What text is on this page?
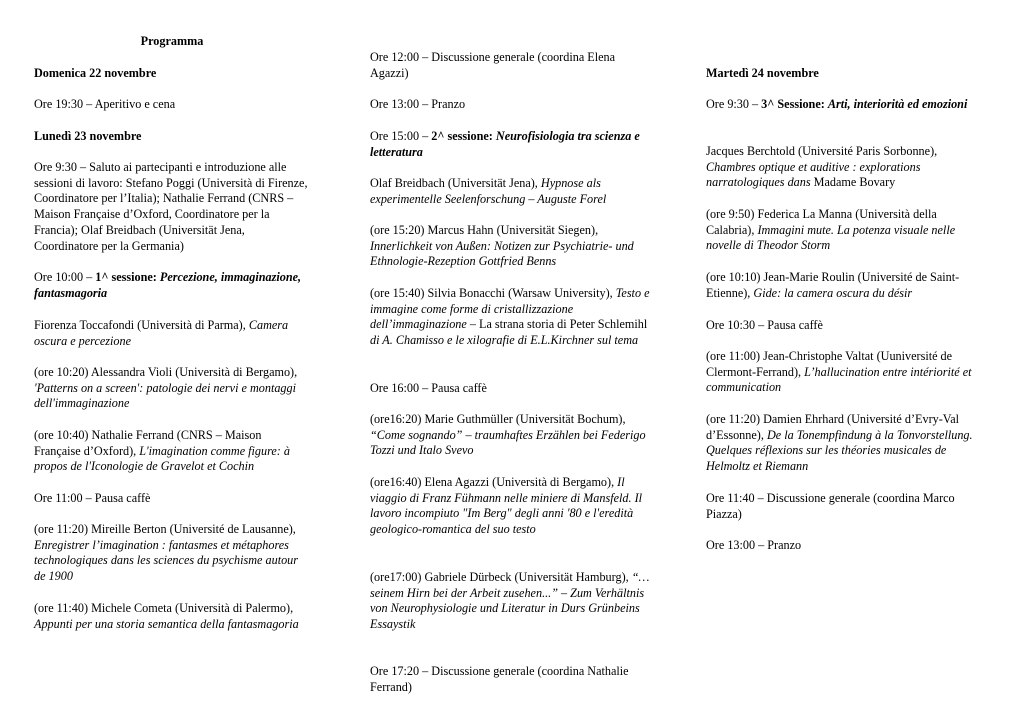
Programma
Domenica 22 novembre
Ore 19:30 – Aperitivo e cena
Lunedì 23 novembre
Ore 9:30 – Saluto ai partecipanti e introduzione alle sessioni di lavoro: Stefano Poggi (Università di Firenze, Coordinatore per l’Italia); Nathalie Ferrand (CNRS – Maison Française d’Oxford, Coordinatore per la Francia); Olaf Breidbach (Universität Jena, Coordinatore per la Germania)
Ore 10:00 – 1^ sessione: Percezione, immaginazione, fantasmagoria
Fiorenza Toccafondi (Università di Parma), Camera oscura e percezione
(ore 10:20) Alessandra Violi (Università di Bergamo), 'Patterns on a screen': patologie dei nervi e montaggi dell'immaginazione
(ore 10:40) Nathalie Ferrand (CNRS – Maison Française d’Oxford), L'imagination comme figure: à propos de l'Iconologie de Gravelot et Cochin
Ore 11:00 – Pausa caffè
(ore 11:20) Mireille Berton (Université de Lausanne), Enregistrer l’imagination : fantasmes et métaphores technologiques dans les sciences du psychisme autour de 1900
(ore 11:40) Michele Cometa (Università di Palermo), Appunti per una storia semantica della fantasmagoria
Ore 12:00 – Discussione generale (coordina Elena Agazzi)
Ore 13:00 – Pranzo
Ore 15:00 – 2^ sessione: Neurofisiologia tra scienza e letteratura
Olaf Breidbach (Universität Jena), Hypnose als experimentelle Seelenforschung – Auguste Forel
(ore 15:20) Marcus Hahn (Universität Siegen), Innerlichkeit von Außen: Notizen zur Psychiatrie- und Ethnologie-Rezeption Gottfried Benns
(ore 15:40) Silvia Bonacchi (Warsaw University), Testo e immagine come forme di cristallizzazione dell’immaginazione – La strana storia di Peter Schlemihl di A. Chamisso e le xilografie di E.L.Kirchner sul tema
Ore 16:00 – Pausa caffè
(ore16:20) Marie Guthmüller (Universität Bochum), “Come sognando” – traumhaftes Erzählen bei Federigo Tozzi und Italo Svevo
(ore16:40) Elena Agazzi (Università di Bergamo), Il viaggio di Franz Fühmann nelle miniere di Mansfeld. Il lavoro incompiuto "Im Berg" degli anni '80 e l'eredità geologico-romantica del suo testo
(ore17:00) Gabriele Dürbeck (Universität Hamburg), “…seinem Hirn bei der Arbeit zusehen...” – Zum Verhältnis von Neurophysiologie und Literatur in Durs Grünbeins Essaystik
Ore 17:20 – Discussione generale (coordina Nathalie Ferrand)
Martedì 24 novembre
Ore 9:30 – 3^ Sessione: Arti, interiorità ed emozioni
Jacques Berchtold (Université Paris Sorbonne), Chambres optique et auditive : explorations narratologiques dans Madame Bovary
(ore 9:50) Federica La Manna (Università della Calabria), Immagini mute. La potenza visuale nelle novelle di Theodor Storm
(ore 10:10) Jean-Marie Roulin (Université de Saint-Etienne), Gide: la camera oscura du désir
Ore 10:30 – Pausa caffè
(ore 11:00) Jean-Christophe Valtat (Uuniversité de Clermont-Ferrand), L’hallucination entre intériorité et communication
(ore 11:20) Damien Ehrhard (Université d’Evry-Val d’Essonne), De la Tonempfindung à la Tonvorstellung. Quelques réflexions sur les théories musicales de Helmoltz et Riemann
Ore 11:40 – Discussione generale (coordina Marco Piazza)
Ore 13:00 – Pranzo
